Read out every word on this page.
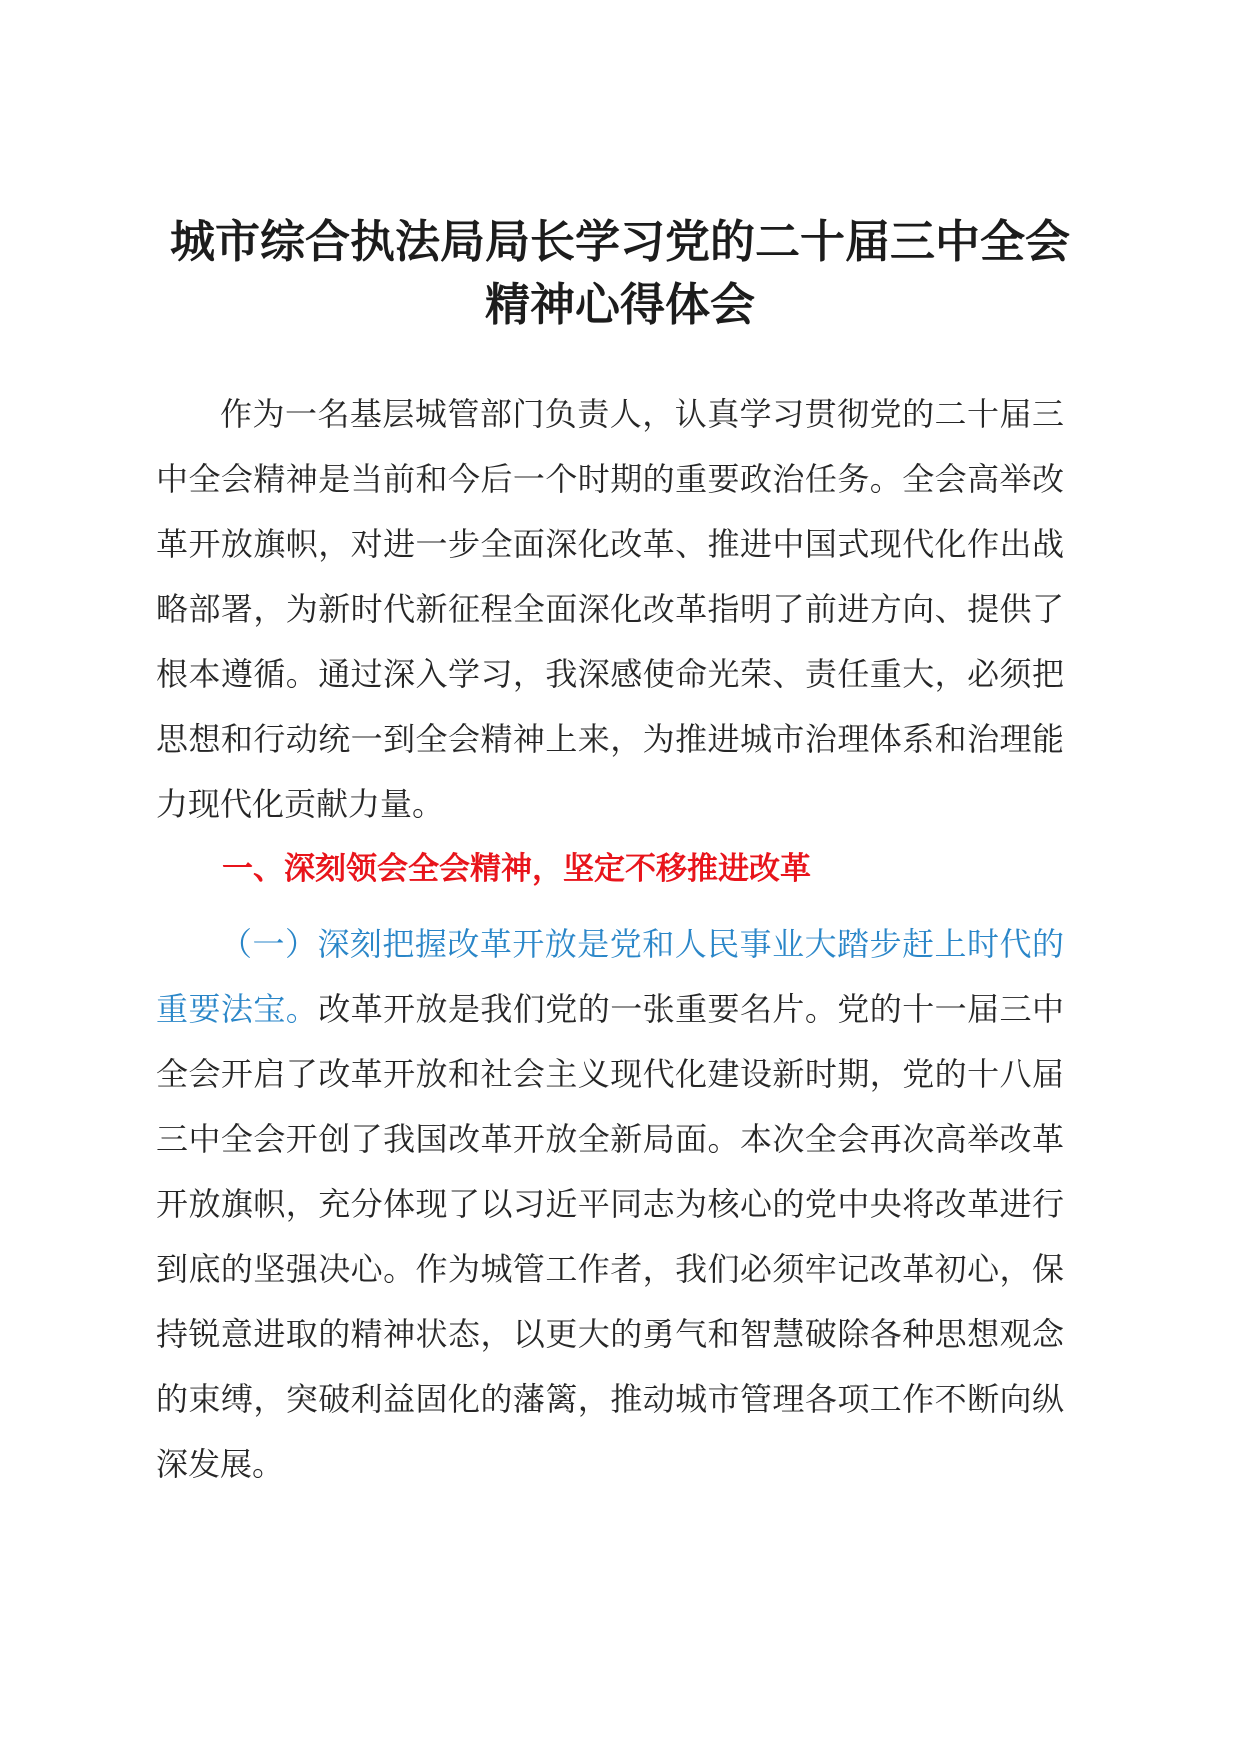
城市综合执法局局长学习党的二十届三中全会
精神心得体会

作为一名基层城管部门负责人，认真学习贯彻党的二十届三中全会精神是当前和今后一个时期的重要政治任务。全会高举改革开放旗帜，对进一步全面深化改革、推进中国式现代化作出战略部署，为新时代新征程全面深化改革指明了前进方向、提供了根本遵循。通过深入学习，我深感使命光荣、责任重大，必须把思想和行动统一到全会精神上来，为推进城市治理体系和治理能力现代化贡献力量。

一、深刻领会全会精神，坚定不移推进改革

（一）深刻把握改革开放是党和人民事业大踏步赶上时代的重要法宝。改革开放是我们党的一张重要名片。党的十一届三中全会开启了改革开放和社会主义现代化建设新时期，党的十八届三中全会开创了我国改革开放全新局面。本次全会再次高举改革开放旗帜，充分体现了以习近平同志为核心的党中央将改革进行到底的坚强决心。作为城管工作者，我们必须牢记改革初心，保持锐意进取的精神状态，以更大的勇气和智慧破除各种思想观念的束缚，突破利益固化的藩篱，推动城市管理各项工作不断向纵深发展。
